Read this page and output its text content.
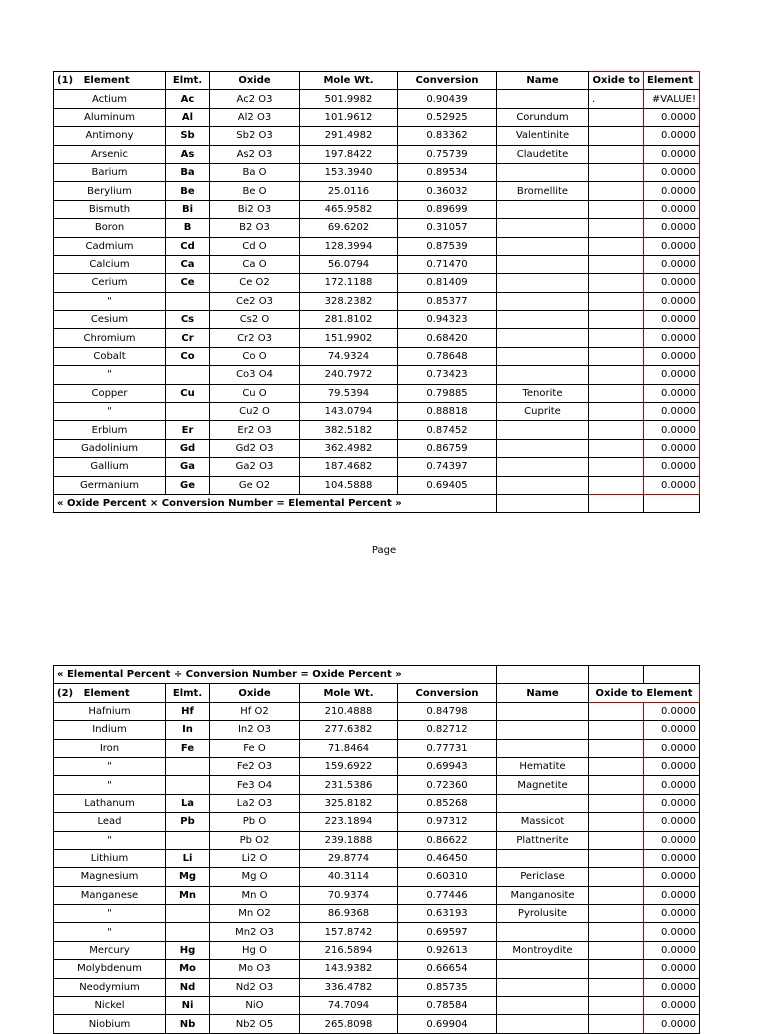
(1) Element	Elmt.	Oxide	Mole Wt.	Conversion	Name	Oxide to	Element
Actium	Ac	Ac2 O3	501.9982	0.90439		.	#VALUE!
Aluminum	Al	Al2 O3	101.9612	0.52925	Corundum		0.0000
Antimony	Sb	Sb2 O3	291.4982	0.83362	Valentinite		0.0000
Arsenic	As	As2 O3	197.8422	0.75739	Claudetite		0.0000
Barium	Ba	Ba O	153.3940	0.89534			0.0000
Berylium	Be	Be O	25.0116	0.36032	Bromellite		0.0000
Bismuth	Bi	Bi2 O3	465.9582	0.89699			0.0000
Boron	B	B2 O3	69.6202	0.31057			0.0000
Cadmium	Cd	Cd O	128.3994	0.87539			0.0000
Calcium	Ca	Ca O	56.0794	0.71470			0.0000
Cerium	Ce	Ce O2	172.1188	0.81409			0.0000
"		Ce2 O3	328.2382	0.85377			0.0000
Cesium	Cs	Cs2 O	281.8102	0.94323			0.0000
Chromium	Cr	Cr2 O3	151.9902	0.68420			0.0000
Cobalt	Co	Co O	74.9324	0.78648			0.0000
"		Co3 O4	240.7972	0.73423			0.0000
Copper	Cu	Cu O	79.5394	0.79885	Tenorite		0.0000
"		Cu2 O	143.0794	0.88818	Cuprite		0.0000
Erbium	Er	Er2 O3	382.5182	0.87452			0.0000
Gadolinium	Gd	Gd2 O3	362.4982	0.86759			0.0000
Gallium	Ga	Ga2 O3	187.4682	0.74397			0.0000
Germanium	Ge	Ge O2	104.5888	0.69405			0.0000
« Oxide Percent × Conversion Number = Elemental Percent »							
Page
« Elemental Percent ÷ Conversion Number = Oxide Percent »							
(2) Element	Elmt.	Oxide	Mole Wt.	Conversion	Name	Oxide to Element	
Hafnium	Hf	Hf O2	210.4888	0.84798			0.0000
Indium	In	In2 O3	277.6382	0.82712			0.0000
Iron	Fe	Fe O	71.8464	0.77731			0.0000
"		Fe2 O3	159.6922	0.69943	Hematite		0.0000
"		Fe3 O4	231.5386	0.72360	Magnetite		0.0000
Lathanum	La	La2 O3	325.8182	0.85268			0.0000
Lead	Pb	Pb O	223.1894	0.97312	Massicot		0.0000
"		Pb O2	239.1888	0.86622	Plattnerite		0.0000
Lithium	Li	Li2 O	29.8774	0.46450			0.0000
Magnesium	Mg	Mg O	40.3114	0.60310	Periclase		0.0000
Manganese	Mn	Mn O	70.9374	0.77446	Manganosite		0.0000
"		Mn O2	86.9368	0.63193	Pyrolusite		0.0000
"		Mn2 O3	157.8742	0.69597			0.0000
Mercury	Hg	Hg O	216.5894	0.92613	Montroydite		0.0000
Molybdenum	Mo	Mo O3	143.9382	0.66654			0.0000
Neodymium	Nd	Nd2 O3	336.4782	0.85735			0.0000
Nickel	Ni	NiO	74.7094	0.78584			0.0000
Niobium	Nb	Nb2 O5	265.8098	0.69904			0.0000
